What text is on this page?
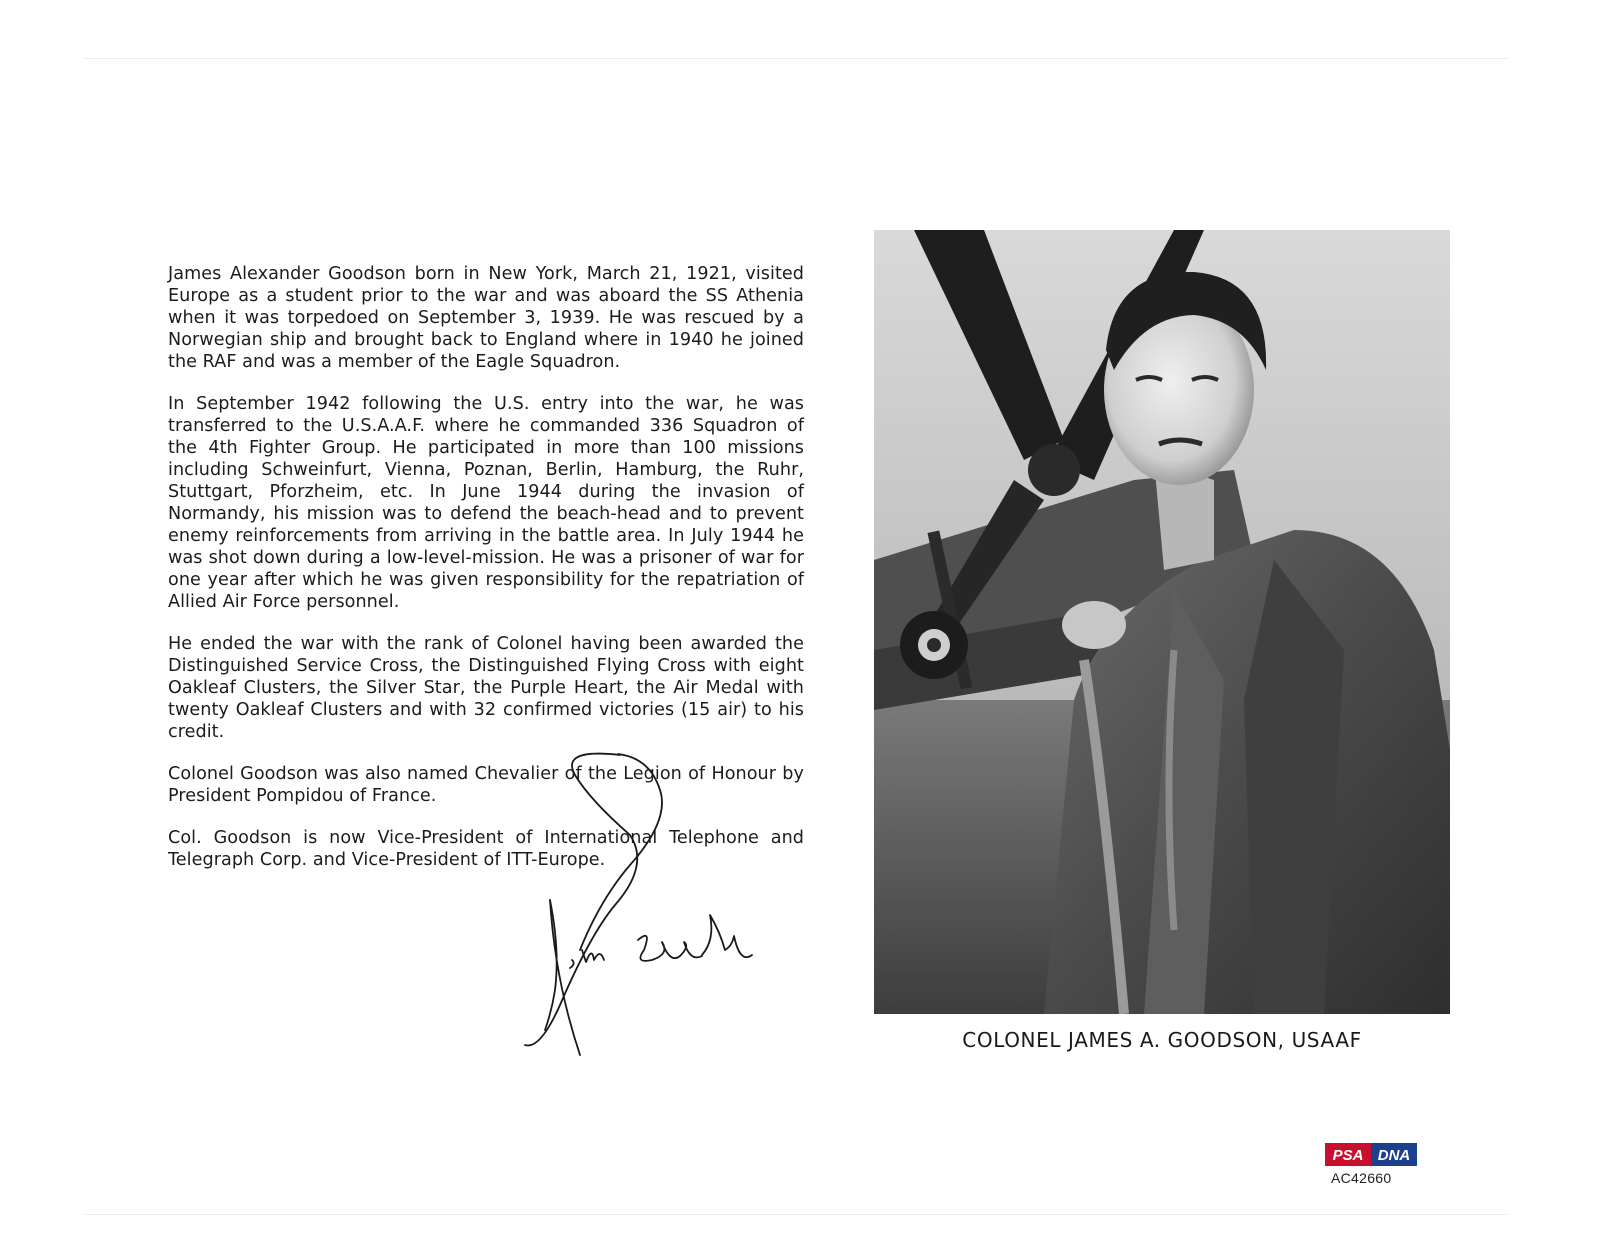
James Alexander Goodson born in New York, March 21, 1921, visited Europe as a student prior to the war and was aboard the SS Athenia when it was torpedoed on September 3, 1939. He was rescued by a Norwegian ship and brought back to England where in 1940 he joined the RAF and was a member of the Eagle Squadron.

In September 1942 following the U.S. entry into the war, he was transferred to the U.S.A.A.F. where he commanded 336 Squadron of the 4th Fighter Group. He participated in more than 100 missions including Schweinfurt, Vienna, Poznan, Berlin, Hamburg, the Ruhr, Stuttgart, Pforzheim, etc. In June 1944 during the invasion of Normandy, his mission was to defend the beach-head and to prevent enemy reinforcements from arriving in the battle area. In July 1944 he was shot down during a low-level-mission. He was a prisoner of war for one year after which he was given responsibility for the repatriation of Allied Air Force personnel.

He ended the war with the rank of Colonel having been awarded the Distinguished Service Cross, the Distinguished Flying Cross with eight Oakleaf Clusters, the Silver Star, the Purple Heart, the Air Medal with twenty Oakleaf Clusters and with 32 confirmed victories (15 air) to his credit.

Colonel Goodson was also named Chevalier of the Legion of Honour by President Pompidou of France.

Col. Goodson is now Vice-President of International Telephone and Telegraph Corp. and Vice-President of ITT-Europe.

COLONEL JAMES A. GOODSON, USAAF
PSA DNA
AC42660
